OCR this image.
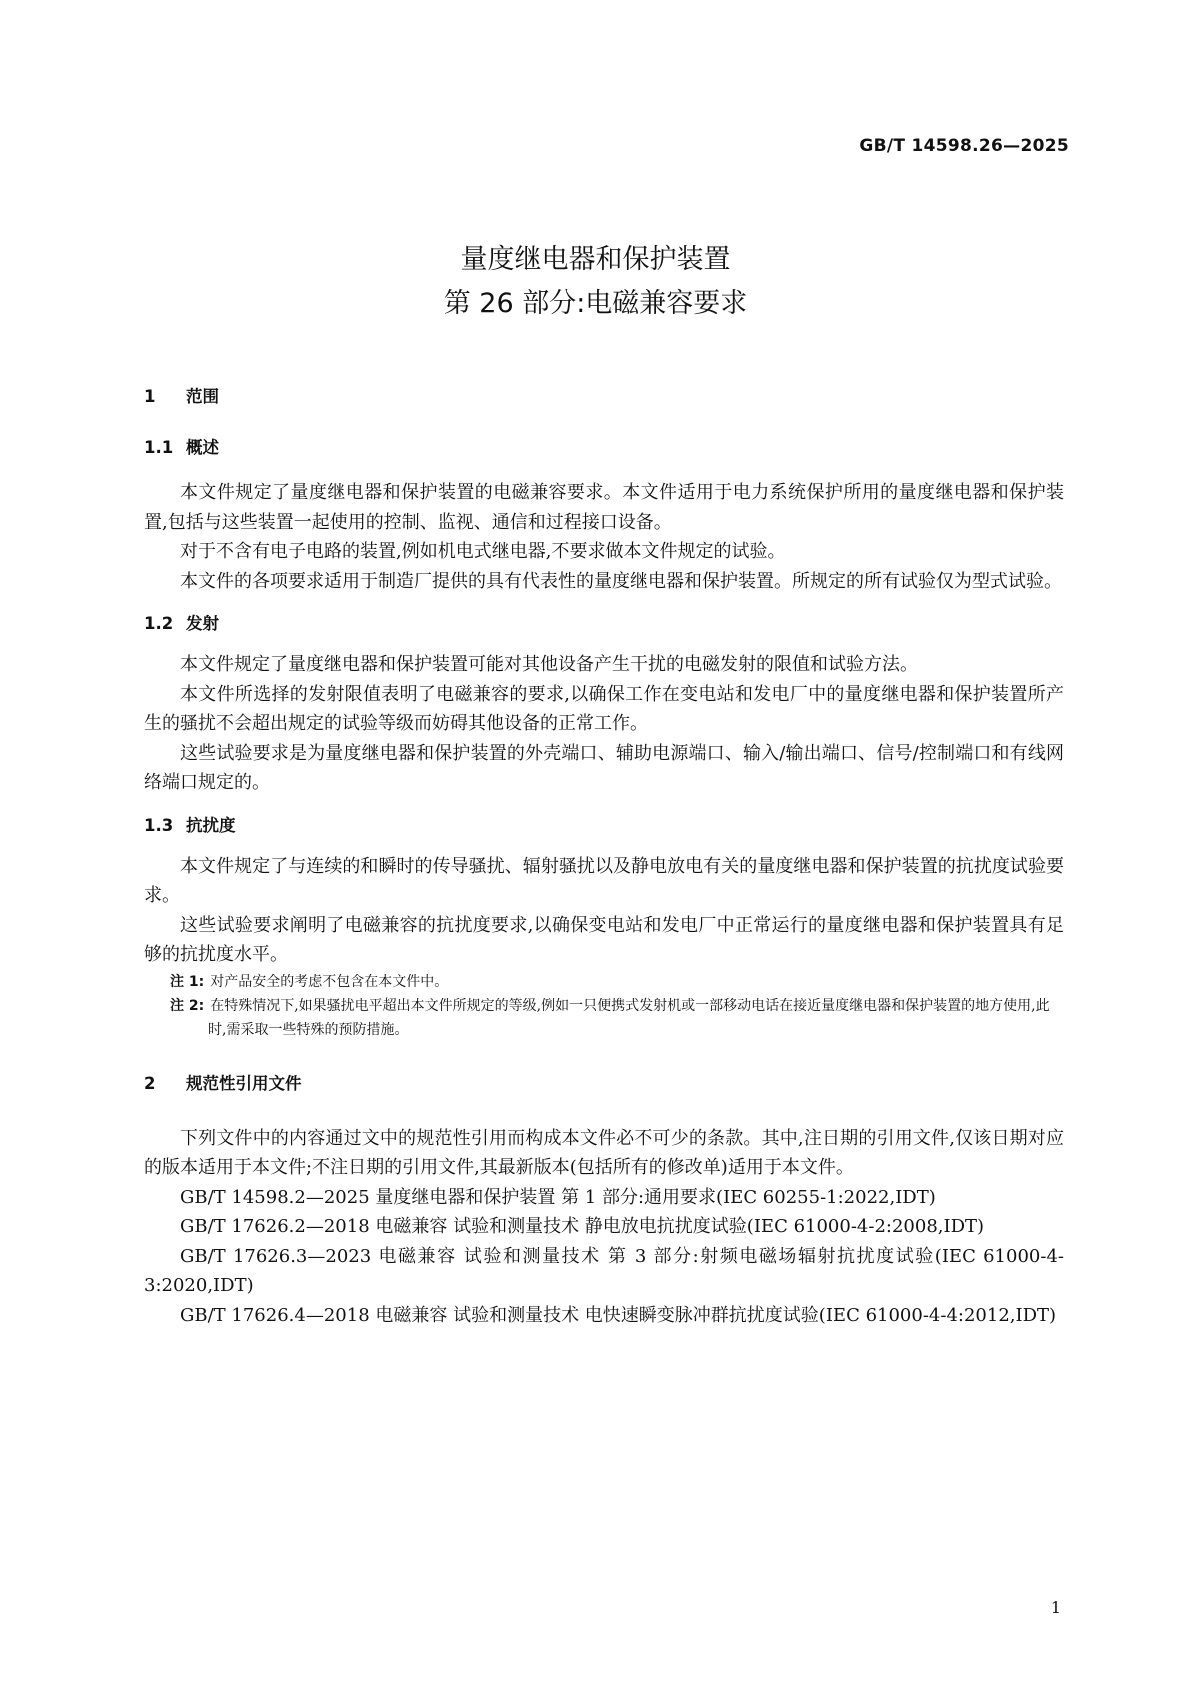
GB/T 14598.26—2025
量度继电器和保护装置
第 26 部分:电磁兼容要求
1 范围
1.1 概述

本文件规定了量度继电器和保护装置的电磁兼容要求。本文件适用于电力系统保护所用的量度继电器和保护装置,包括与这些装置一起使用的控制、监视、通信和过程接口设备。

对于不含有电子电路的装置,例如机电式继电器,不要求做本文件规定的试验。

本文件的各项要求适用于制造厂提供的具有代表性的量度继电器和保护装置。所规定的所有试验仅为型式试验。

1.2 发射

本文件规定了量度继电器和保护装置可能对其他设备产生干扰的电磁发射的限值和试验方法。

本文件所选择的发射限值表明了电磁兼容的要求,以确保工作在变电站和发电厂中的量度继电器和保护装置所产生的骚扰不会超出规定的试验等级而妨碍其他设备的正常工作。

这些试验要求是为量度继电器和保护装置的外壳端口、辅助电源端口、输入/输出端口、信号/控制端口和有线网络端口规定的。

1.3 抗扰度

本文件规定了与连续的和瞬时的传导骚扰、辐射骚扰以及静电放电有关的量度继电器和保护装置的抗扰度试验要求。

这些试验要求阐明了电磁兼容的抗扰度要求,以确保变电站和发电厂中正常运行的量度继电器和保护装置具有足够的抗扰度水平。

注 1: 对产品安全的考虑不包含在本文件中。

注 2: 在特殊情况下,如果骚扰电平超出本文件所规定的等级,例如一只便携式发射机或一部移动电话在接近量度继电器和保护装置的地方使用,此时,需采取一些特殊的预防措施。

2 规范性引用文件

下列文件中的内容通过文中的规范性引用而构成本文件必不可少的条款。其中,注日期的引用文件,仅该日期对应的版本适用于本文件;不注日期的引用文件,其最新版本(包括所有的修改单)适用于本文件。

GB/T 14598.2—2025 量度继电器和保护装置 第 1 部分:通用要求(IEC 60255-1:2022,IDT)

GB/T 17626.2—2018 电磁兼容 试验和测量技术 静电放电抗扰度试验(IEC 61000-4-2:2008,IDT)

GB/T 17626.3—2023 电磁兼容 试验和测量技术 第 3 部分:射频电磁场辐射抗扰度试验(IEC 61000-4-3:2020,IDT)

GB/T 17626.4—2018 电磁兼容 试验和测量技术 电快速瞬变脉冲群抗扰度试验(IEC 61000-4-4:2012,IDT)

1
